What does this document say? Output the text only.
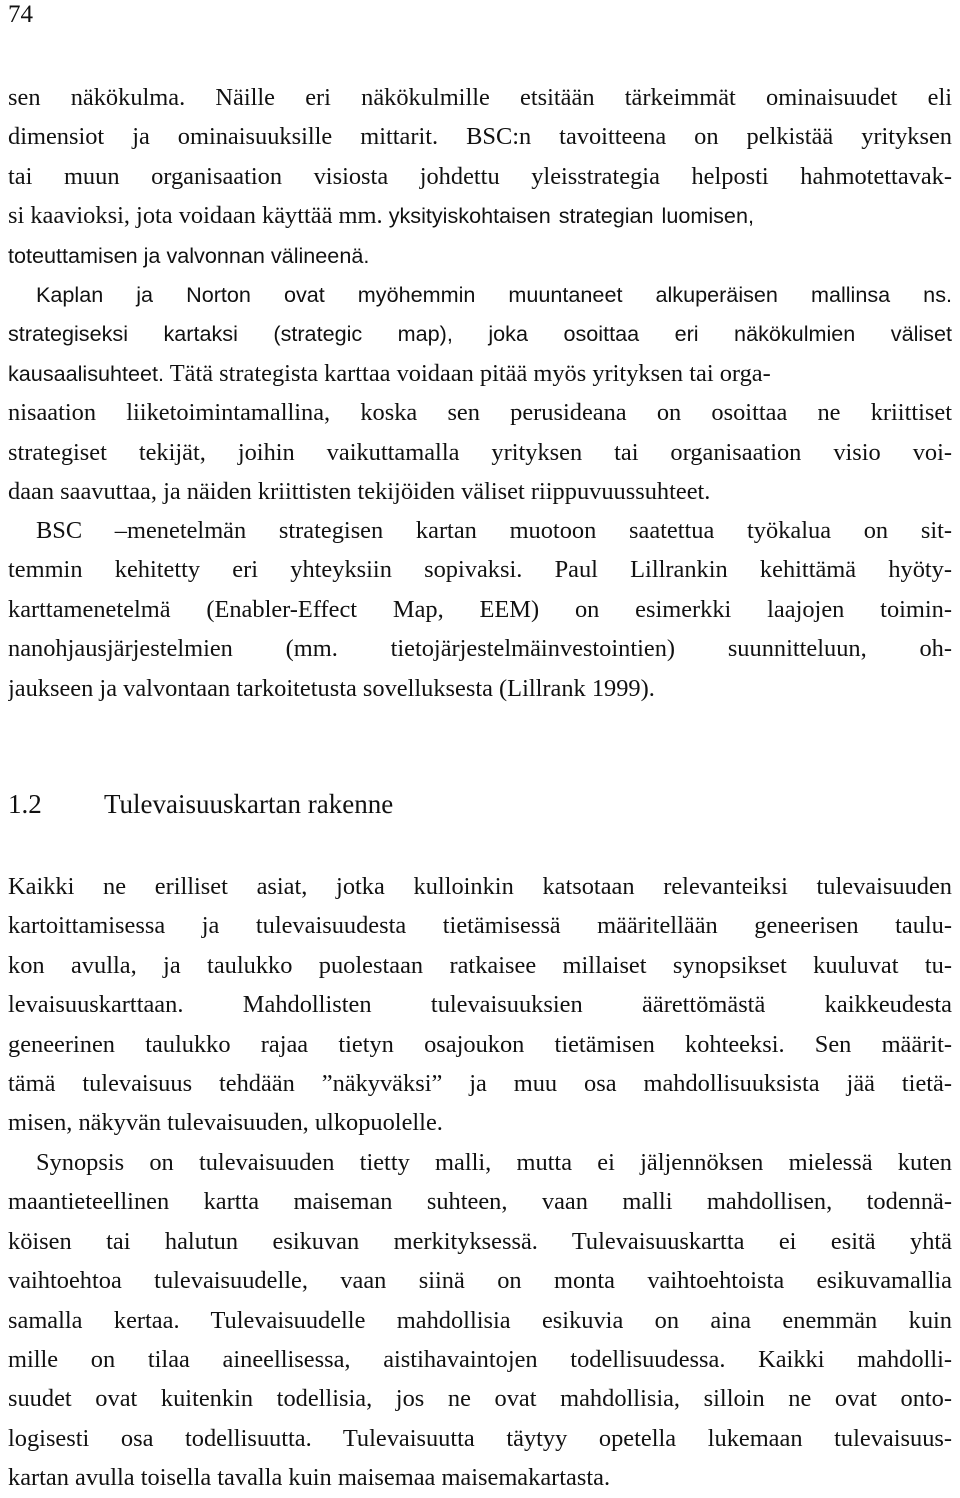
74
sen näkökulma. Näille eri näkökulmille etsitään tärkeimmät ominaisuudet eli
dimensiot ja ominaisuuksille mittarit. BSC:n tavoitteena on pelkistää yrityksen
tai muun organisaation visiosta johdettu yleisstrategia helposti hahmotettavak-
si kaavioksi, jota voidaan käyttää mm. yksityiskohtaisen strategian luomisen,
toteuttamisen ja valvonnan välineenä.
Kaplan ja Norton ovat myöhemmin muuntaneet alkuperäisen mallinsa ns.
strategiseksi kartaksi (strategic map), joka osoittaa eri näkökulmien väliset
kausaalisuhteet. Tätä strategista karttaa voidaan pitää myös yrityksen tai orga-
nisaation liiketoimintamallina, koska sen perusideana on osoittaa ne kriittiset
strategiset tekijät, joihin vaikuttamalla yrityksen tai organisaation visio voi-
daan saavuttaa, ja näiden kriittisten tekijöiden väliset riippuvuussuhteet.
BSC –menetelmän strategisen kartan muotoon saatettua työkalua on sit-
temmin kehitetty eri yhteyksiin sopivaksi. Paul Lillrankin kehittämä hyöty-
karttamenetelmä (Enabler-Effect Map, EEM) on esimerkki laajojen toimin-
nanohjausjärjestelmien (mm. tietojärjestelmäinvestointien) suunnitteluun, oh-
jaukseen ja valvontaan tarkoitetusta sovelluksesta (Lillrank 1999).
1.2 Tulevaisuuskartan rakenne
Kaikki ne erilliset asiat, jotka kulloinkin katsotaan relevanteiksi tulevaisuuden
kartoittamisessa ja tulevaisuudesta tietämisessä määritellään geneerisen taulu-
kon avulla, ja taulukko puolestaan ratkaisee millaiset synopsikset kuuluvat tu-
levaisuuskarttaan. Mahdollisten tulevaisuuksien äärettömästä kaikkeudesta
geneerinen taulukko rajaa tietyn osajoukon tietämisen kohteeksi. Sen määrit-
tämä tulevaisuus tehdään ”näkyväksi” ja muu osa mahdollisuuksista jää tietä-
misen, näkyvän tulevaisuuden, ulkopuolelle.
Synopsis on tulevaisuuden tietty malli, mutta ei jäljennöksen mielessä kuten
maantieteellinen kartta maiseman suhteen, vaan malli mahdollisen, todennä-
köisen tai halutun esikuvan merkityksessä. Tulevaisuuskartta ei esitä yhtä
vaihtoehtoa tulevaisuudelle, vaan siinä on monta vaihtoehtoista esikuvamallia
samalla kertaa. Tulevaisuudelle mahdollisia esikuvia on aina enemmän kuin
mille on tilaa aineellisessa, aistihavaintojen todellisuudessa. Kaikki mahdolli-
suudet ovat kuitenkin todellisia, jos ne ovat mahdollisia, silloin ne ovat onto-
logisesti osa todellisuutta. Tulevaisuutta täytyy opetella lukemaan tulevaisuus-
kartan avulla toisella tavalla kuin maisemaa maisemakartasta.
